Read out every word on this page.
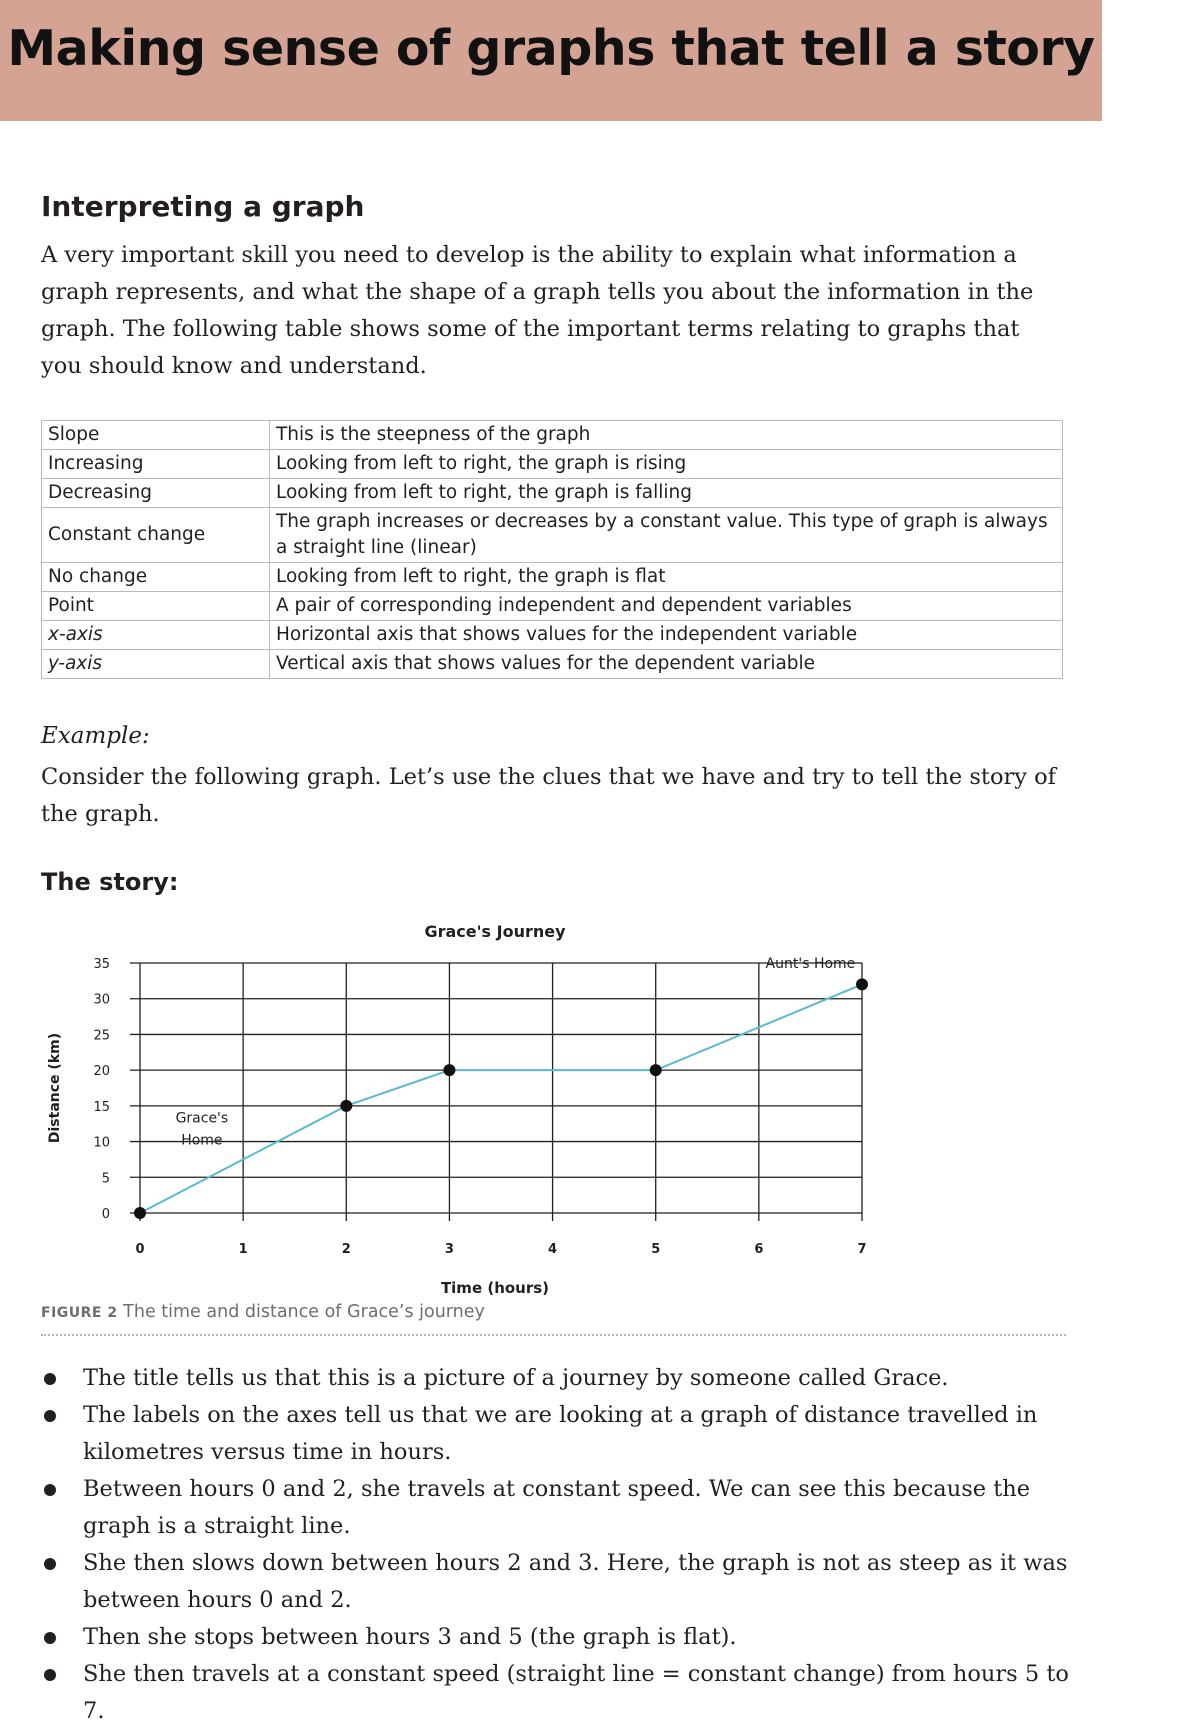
Making sense of graphs that tell a story
Interpreting a graph

A very important skill you need to develop is the ability to explain what information a graph represents, and what the shape of a graph tells you about the information in the graph. The following table shows some of the important terms relating to graphs that you should know and understand.

Slope	This is the steepness of the graph
Increasing	Looking from left to right, the graph is rising
Decreasing	Looking from left to right, the graph is falling
Constant change	The graph increases or decreases by a constant value. This type of graph is always a straight line (linear)
No change	Looking from left to right, the graph is flat
Point	A pair of corresponding independent and dependent variables
x-axis	Horizontal axis that shows values for the independent variable
y-axis	Vertical axis that shows values for the dependent variable

Example:

Consider the following graph. Let’s use the clues that we have and try to tell the story of the graph.

The story:
0
5
10
15
20
25
30
35
0	1	2	3	4	5	6	7
Grace's Journey
Time (hours)
Distance (km)	Grace's Home
Aunt's Home

FIGURE 2 The time and distance of Grace’s journey

The title tells us that this is a picture of a journey by someone called Grace.
The labels on the axes tell us that we are looking at a graph of distance travelled in kilometres versus time in hours.
Between hours 0 and 2, she travels at constant speed. We can see this because the graph is a straight line.
She then slows down between hours 2 and 3. Here, the graph is not as steep as it was between hours 0 and 2.
Then she stops between hours 3 and 5 (the graph is flat).
She then travels at a constant speed (straight line = constant change) from hours 5 to 7.
